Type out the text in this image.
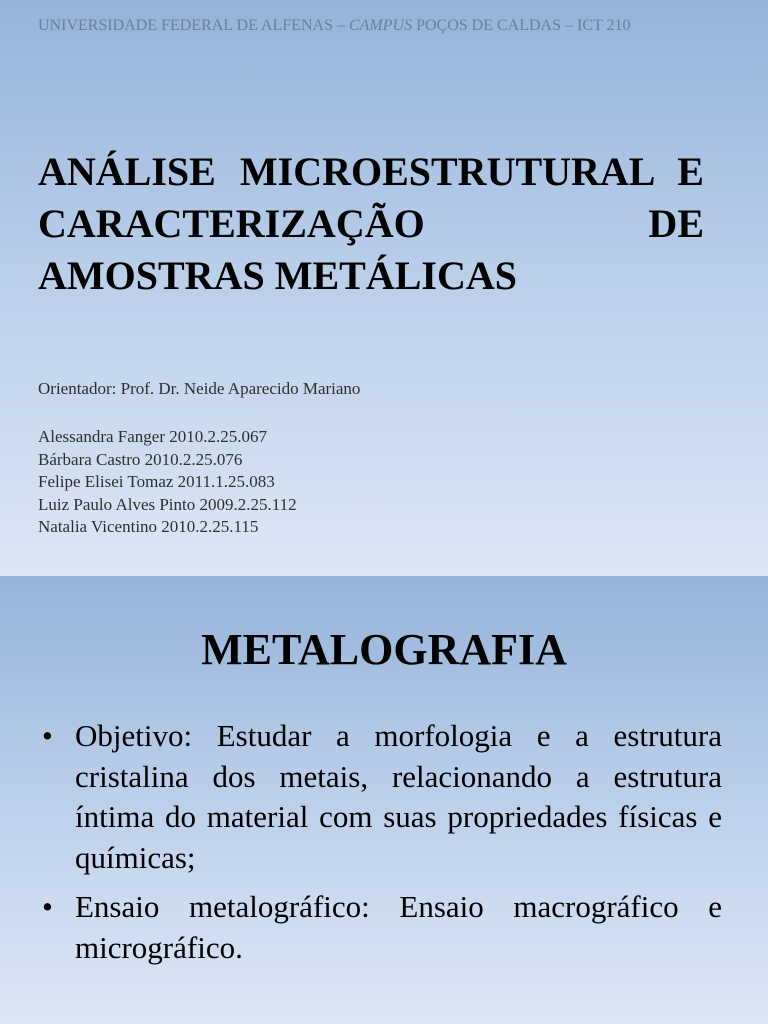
UNIVERSIDADE FEDERAL DE ALFENAS – CAMPUS POÇOS DE CALDAS – ICT 210
ANÁLISE MICROESTRUTURAL E CARACTERIZAÇÃO DE AMOSTRAS METÁLICAS

Orientador: Prof. Dr. Neide Aparecido Mariano

Alessandra Fanger 2010.2.25.067
Bárbara Castro 2010.2.25.076
Felipe Elisei Tomaz 2011.1.25.083
Luiz Paulo Alves Pinto 2009.2.25.112
Natalia Vicentino 2010.2.25.115
METALOGRAFIA
• Objetivo: Estudar a morfologia e a estrutura cristalina dos metais, relacionando a estrutura íntima do material com suas propriedades físicas e químicas;
• Ensaio metalográfico: Ensaio macrográfico e micrográfico.
